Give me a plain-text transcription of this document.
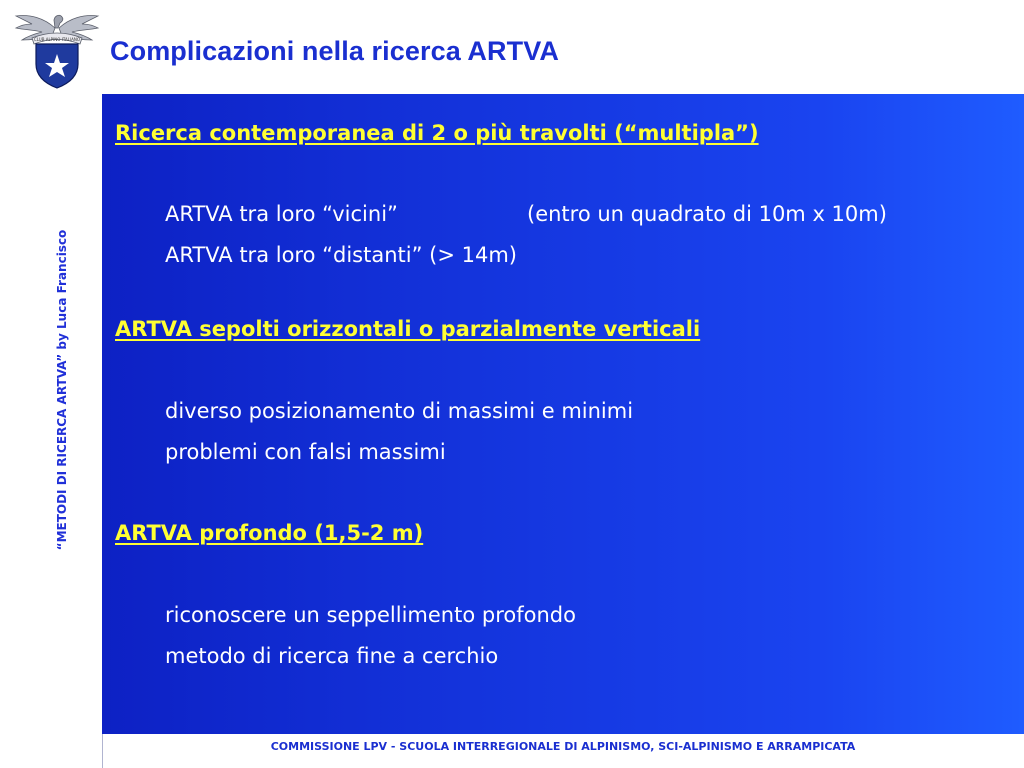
CLUB ALPINO ITALIANO Complicazioni nella ricerca ARTVA
“METODI DI RICERCA ARTVA” by Luca Francisco
Ricerca contemporanea di 2 o più travolti (“multipla”)
ARTVA tra loro “vicini”	(entro un quadrato di 10m x 10m)
ARTVA tra loro “distanti” (> 14m)
ARTVA sepolti orizzontali o parzialmente verticali
diverso posizionamento di massimi e minimi
problemi con falsi massimi
ARTVA profondo (1,5-2 m)
riconoscere un seppellimento profondo
metodo di ricerca fine a cerchio
COMMISSIONE LPV - SCUOLA INTERREGIONALE DI ALPINISMO, SCI-ALPINISMO E ARRAMPICATA
